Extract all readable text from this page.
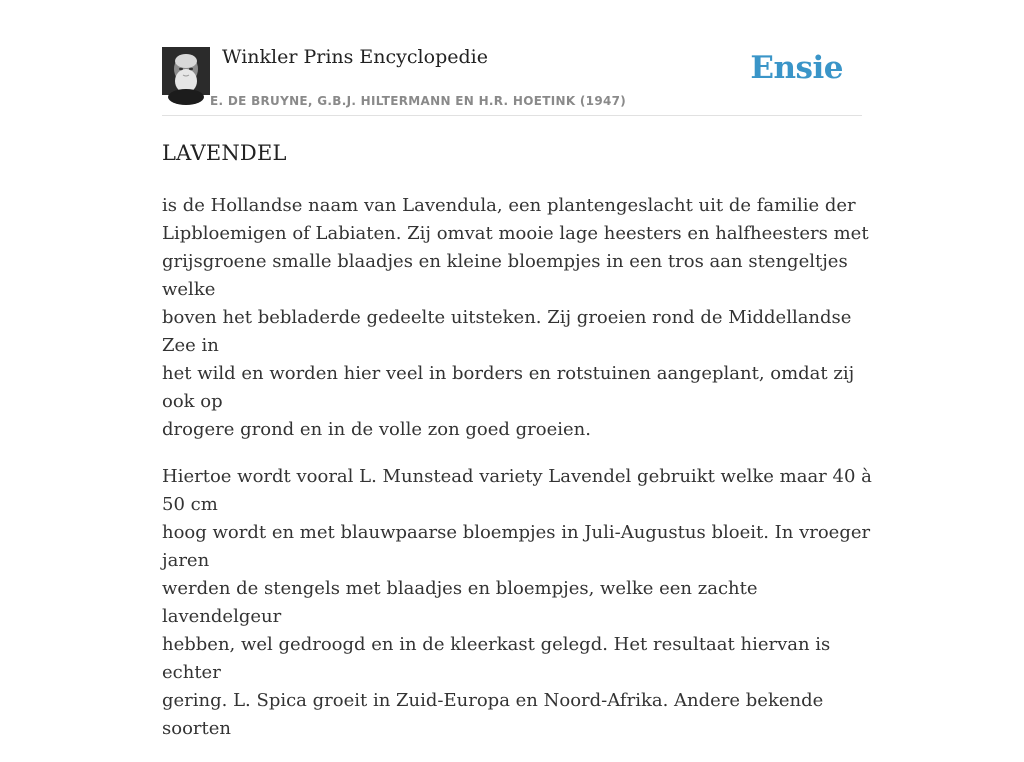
Winkler Prins Encyclopedie
E. DE BRUYNE, G.B.J. HILTERMANN EN H.R. HOETINK (1947)
Ensie
LAVENDEL

is de Hollandse naam van Lavendula, een plantengeslacht uit de familie der
Lipbloemigen of Labiaten. Zij omvat mooie lage heesters en halfheesters met
grijsgroene smalle blaadjes en kleine bloempjes in een tros aan stengeltjes welke
boven het bebladerde gedeelte uitsteken. Zij groeien rond de Middellandse Zee in
het wild en worden hier veel in borders en rotstuinen aangeplant, omdat zij ook op
drogere grond en in de volle zon goed groeien.

Hiertoe wordt vooral L. Munstead variety Lavendel gebruikt welke maar 40 à 50 cm
hoog wordt en met blauwpaarse bloempjes in Juli-Augustus bloeit. In vroeger jaren
werden de stengels met blaadjes en bloempjes, welke een zachte lavendelgeur
hebben, wel gedroogd en in de kleerkast gelegd. Het resultaat hiervan is echter
gering. L. Spica groeit in Zuid-Europa en Noord-Afrika. Andere bekende soorten
